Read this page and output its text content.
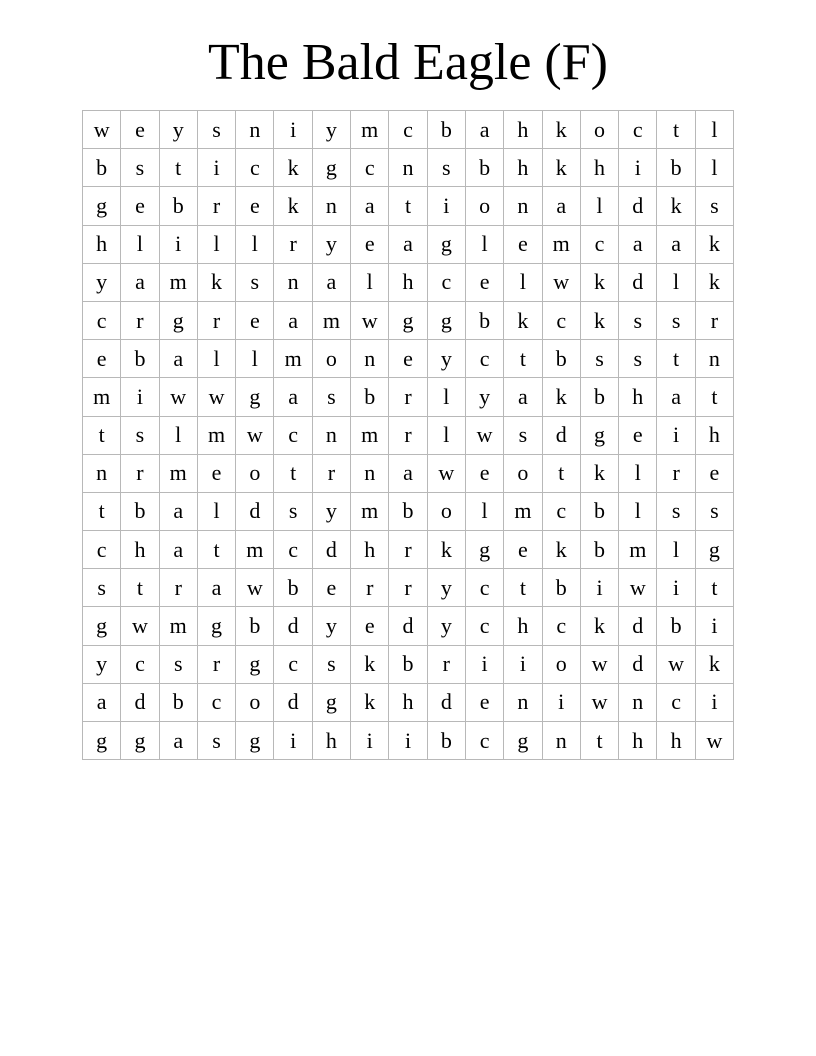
The Bald Eagle (F)
w	e	y	s	n	i	y	m	c	b	a	h	k	o	c	t	l
b	s	t	i	c	k	g	c	n	s	b	h	k	h	i	b	l
g	e	b	r	e	k	n	a	t	i	o	n	a	l	d	k	s
h	l	i	l	l	r	y	e	a	g	l	e	m	c	a	a	k
y	a	m	k	s	n	a	l	h	c	e	l	w	k	d	l	k
c	r	g	r	e	a	m	w	g	g	b	k	c	k	s	s	r
e	b	a	l	l	m	o	n	e	y	c	t	b	s	s	t	n
m	i	w	w	g	a	s	b	r	l	y	a	k	b	h	a	t
t	s	l	m	w	c	n	m	r	l	w	s	d	g	e	i	h
n	r	m	e	o	t	r	n	a	w	e	o	t	k	l	r	e
t	b	a	l	d	s	y	m	b	o	l	m	c	b	l	s	s
c	h	a	t	m	c	d	h	r	k	g	e	k	b	m	l	g
s	t	r	a	w	b	e	r	r	y	c	t	b	i	w	i	t
g	w	m	g	b	d	y	e	d	y	c	h	c	k	d	b	i
y	c	s	r	g	c	s	k	b	r	i	i	o	w	d	w	k
a	d	b	c	o	d	g	k	h	d	e	n	i	w	n	c	i
g	g	a	s	g	i	h	i	i	b	c	g	n	t	h	h	w
